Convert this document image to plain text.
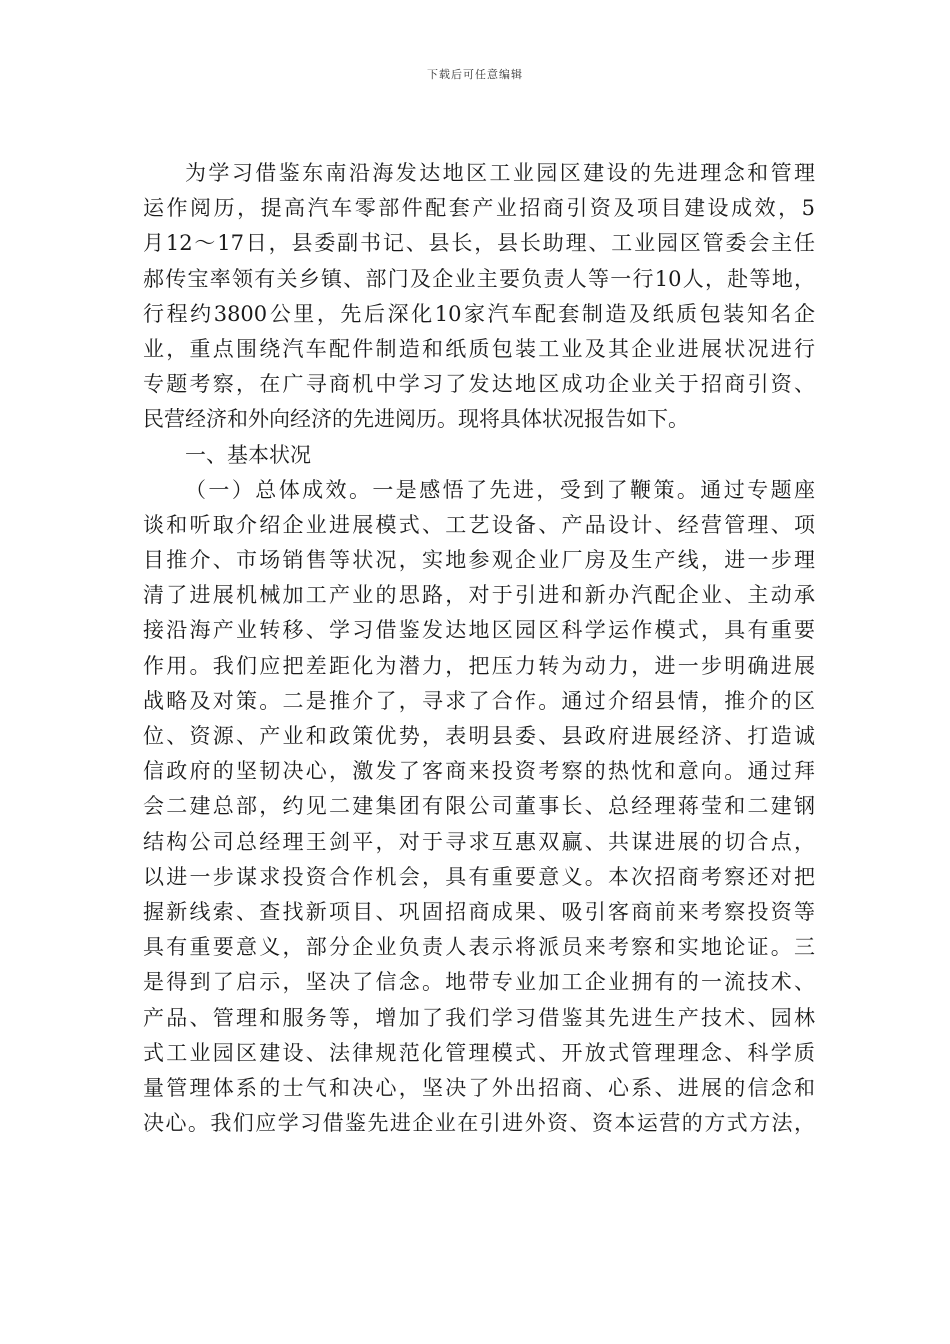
下载后可任意编辑
为学习借鉴东南沿海发达地区工业园区建设的先进理念和管理
运作阅历，提高汽车零部件配套产业招商引资及项目建设成效，5
月12～17日，县委副书记、县长，县长助理、工业园区管委会主任
郝传宝率领有关乡镇、部门及企业主要负责人等一行10人，赴等地，
行程约3800公里，先后深化10家汽车配套制造及纸质包装知名企
业，重点围绕汽车配件制造和纸质包装工业及其企业进展状况进行
专题考察，在广寻商机中学习了发达地区成功企业关于招商引资、
民营经济和外向经济的先进阅历。现将具体状况报告如下。
一、基本状况
（一）总体成效。一是感悟了先进，受到了鞭策。通过专题座
谈和听取介绍企业进展模式、工艺设备、产品设计、经营管理、项
目推介、市场销售等状况，实地参观企业厂房及生产线，进一步理
清了进展机械加工产业的思路，对于引进和新办汽配企业、主动承
接沿海产业转移、学习借鉴发达地区园区科学运作模式，具有重要
作用。我们应把差距化为潜力，把压力转为动力，进一步明确进展
战略及对策。二是推介了，寻求了合作。通过介绍县情，推介的区
位、资源、产业和政策优势，表明县委、县政府进展经济、打造诚
信政府的坚韧决心，激发了客商来投资考察的热忱和意向。通过拜
会二建总部，约见二建集团有限公司董事长、总经理蒋莹和二建钢
结构公司总经理王剑平，对于寻求互惠双赢、共谋进展的切合点，
以进一步谋求投资合作机会，具有重要意义。本次招商考察还对把
握新线索、查找新项目、巩固招商成果、吸引客商前来考察投资等
具有重要意义，部分企业负责人表示将派员来考察和实地论证。三
是得到了启示，坚决了信念。地带专业加工企业拥有的一流技术、
产品、管理和服务等，增加了我们学习借鉴其先进生产技术、园林
式工业园区建设、法律规范化管理模式、开放式管理理念、科学质
量管理体系的士气和决心，坚决了外出招商、心系、进展的信念和
决心。我们应学习借鉴先进企业在引进外资、资本运营的方式方法，
